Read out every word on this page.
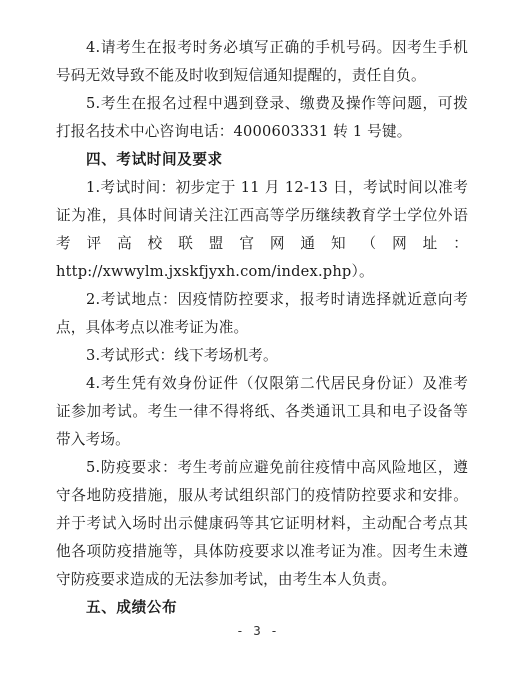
4.请考生在报考时务必填写正确的手机号码。因考生手机号码无效导致不能及时收到短信通知提醒的，责任自负。

5.考生在报名过程中遇到登录、缴费及操作等问题，可拨打报名技术中心咨询电话：4000603331 转 1 号键。

四、考试时间及要求

1.考试时间：初步定于 11 月 12-13 日，考试时间以准考证为准，具体时间请关注江西高等学历继续教育学士学位外语考评高校联盟官网通知（网址：http://xwwylm.jxskfjyxh.com/index.php）。

2.考试地点：因疫情防控要求，报考时请选择就近意向考点，具体考点以准考证为准。

3.考试形式：线下考场机考。

4.考生凭有效身份证件（仅限第二代居民身份证）及准考证参加考试。考生一律不得将纸、各类通讯工具和电子设备等带入考场。

5.防疫要求：考生考前应避免前往疫情中高风险地区，遵守各地防疫措施，服从考试组织部门的疫情防控要求和安排。并于考试入场时出示健康码等其它证明材料，主动配合考点其他各项防疫措施等，具体防疫要求以准考证为准。因考生未遵守防疫要求造成的无法参加考试，由考生本人负责。

五、成绩公布

- 3 -
